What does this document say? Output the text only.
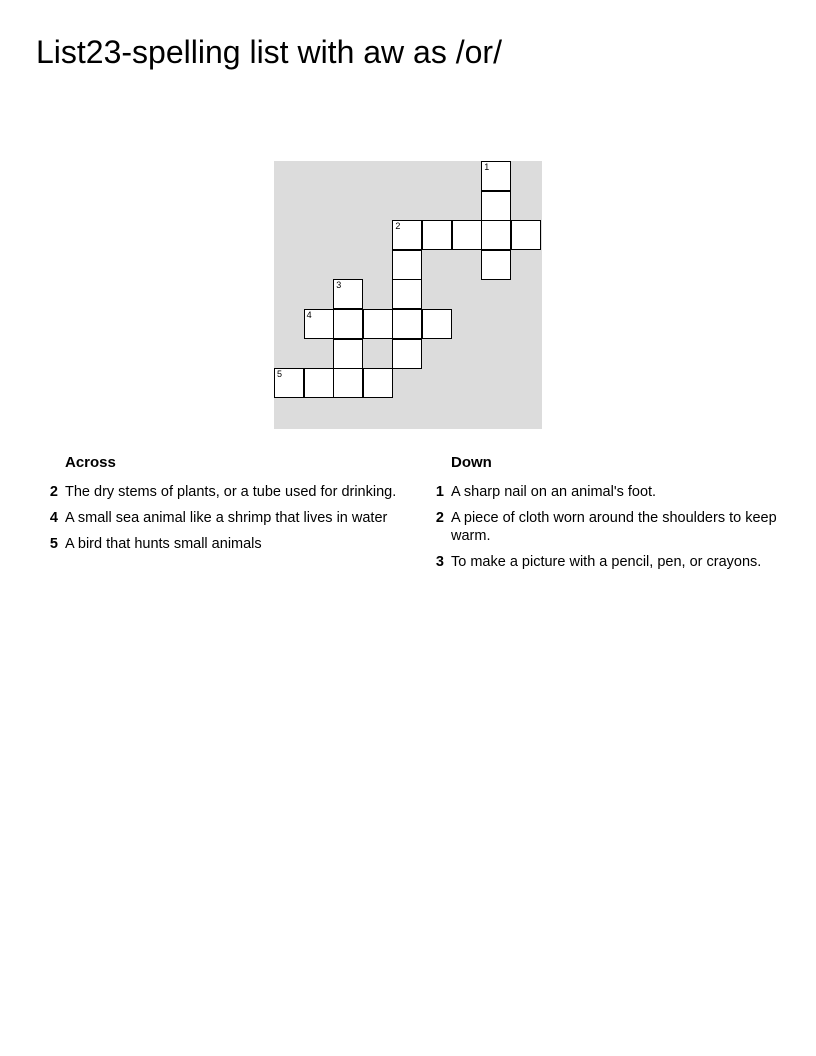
List23-spelling list with aw as /or/
1
2
3
4
5
Across
2 The dry stems of plants, or a tube used for drinking.
4 A small sea animal like a shrimp that lives in water
5 A bird that hunts small animals
Down
1 A sharp nail on an animal's foot.
2 A piece of cloth worn around the shoulders to keep warm.
3 To make a picture with a pencil, pen, or crayons.
